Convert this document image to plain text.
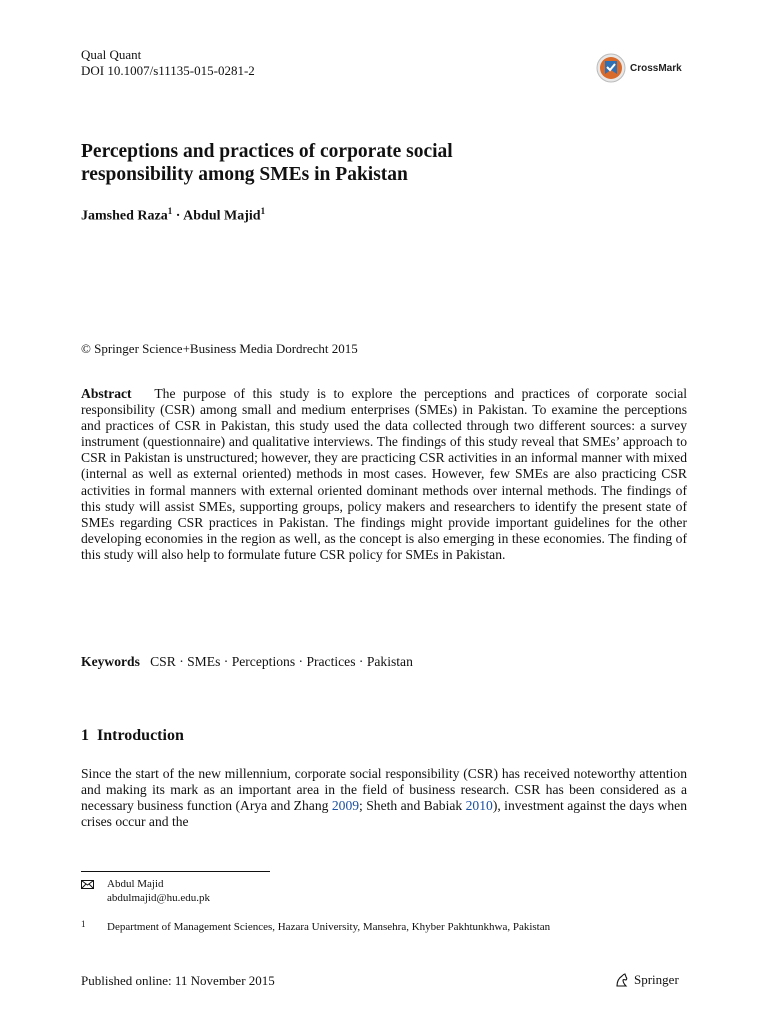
Qual Quant
DOI 10.1007/s11135-015-0281-2	CrossMark
Perceptions and practices of corporate social
responsibility among SMEs in Pakistan
Jamshed Raza$^1$ · Abdul Majid$^1$
© Springer Science+Business Media Dordrecht 2015
Abstract The purpose of this study is to explore the perceptions and practices of corporate social responsibility (CSR) among small and medium enterprises (SMEs) in Pakistan. To examine the perceptions and practices of CSR in Pakistan, this study used the data collected through two different sources: a survey instrument (questionnaire) and qualitative interviews. The findings of this study reveal that SMEs’ approach to CSR in Pakistan is unstructured; however, they are practicing CSR activities in an informal manner with mixed (internal as well as external oriented) methods in most cases. However, few SMEs are also practicing CSR activities in formal manners with external oriented dominant methods over internal methods. The findings of this study will assist SMEs, supporting groups, policy makers and researchers to identify the present state of SMEs regarding CSR practices in Pakistan. The findings might provide important guidelines for the other developing economies in the region as well, as the concept is also emerging in these economies. The finding of this study will also help to formulate future CSR policy for SMEs in Pakistan.
Keywords CSR · SMEs · Perceptions · Practices · Pakistan
1 Introduction
Since the start of the new millennium, corporate social responsibility (CSR) has received noteworthy attention and making its mark as an important area in the field of business research. CSR has been considered as a necessary business function (Arya and Zhang 2009; Sheth and Babiak 2010), investment against the days when crises occur and the
Abdul Majid
abdulmajid@hu.edu.pk
1 Department of Management Sciences, Hazara University, Mansehra, Khyber Pakhtunkhwa, Pakistan
Published online: 11 November 2015	Springer
